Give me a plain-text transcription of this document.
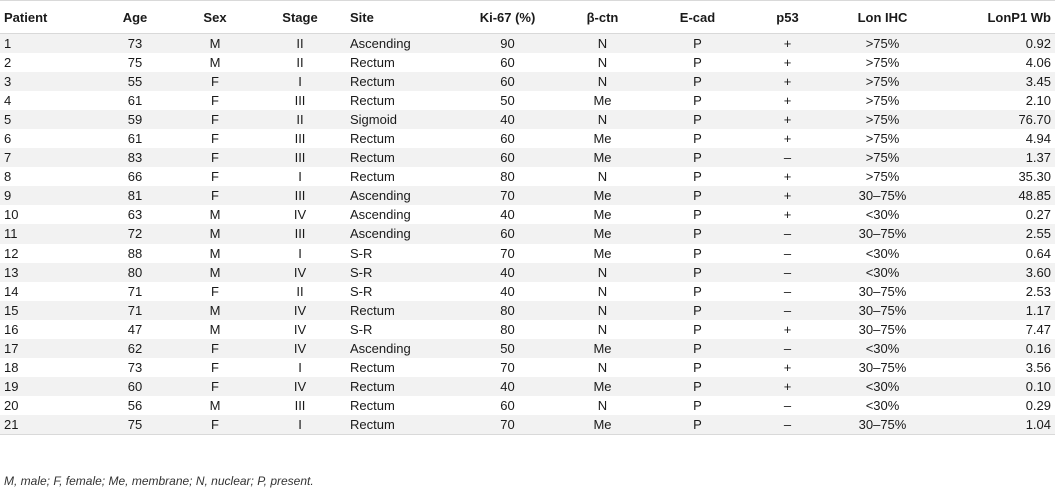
Patient	Age	Sex	Stage	Site	Ki-67 (%)	β-ctn	E-cad	p53	Lon IHC	LonP1 Wb
1	73	M	II	Ascending	90	N	P	+	>75%	0.92
2	75	M	II	Rectum	60	N	P	+	>75%	4.06
3	55	F	I	Rectum	60	N	P	+	>75%	3.45
4	61	F	III	Rectum	50	Me	P	+	>75%	2.10
5	59	F	II	Sigmoid	40	N	P	+	>75%	76.70
6	61	F	III	Rectum	60	Me	P	+	>75%	4.94
7	83	F	III	Rectum	60	Me	P	–	>75%	1.37
8	66	F	I	Rectum	80	N	P	+	>75%	35.30
9	81	F	III	Ascending	70	Me	P	+	30–75%	48.85
10	63	M	IV	Ascending	40	Me	P	+	<30%	0.27
11	72	M	III	Ascending	60	Me	P	–	30–75%	2.55
12	88	M	I	S-R	70	Me	P	–	<30%	0.64
13	80	M	IV	S-R	40	N	P	–	<30%	3.60
14	71	F	II	S-R	40	N	P	–	30–75%	2.53
15	71	M	IV	Rectum	80	N	P	–	30–75%	1.17
16	47	M	IV	S-R	80	N	P	+	30–75%	7.47
17	62	F	IV	Ascending	50	Me	P	–	<30%	0.16
18	73	F	I	Rectum	70	N	P	+	30–75%	3.56
19	60	F	IV	Rectum	40	Me	P	+	<30%	0.10
20	56	M	III	Rectum	60	N	P	–	<30%	0.29
21	75	F	I	Rectum	70	Me	P	–	30–75%	1.04
M, male; F, female; Me, membrane; N, nuclear; P, present.
